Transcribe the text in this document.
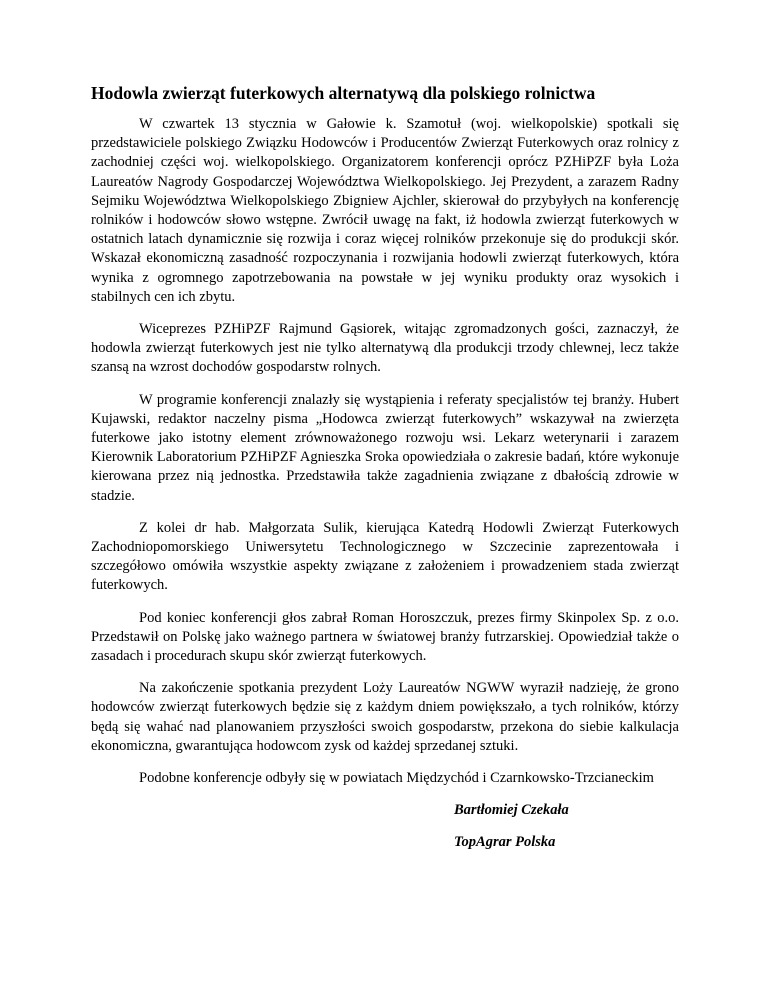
Hodowla zwierząt futerkowych alternatywą dla polskiego rolnictwa

W czwartek 13 stycznia w Gałowie k. Szamotuł (woj. wielkopolskie) spotkali się przedstawiciele polskiego Związku Hodowców i Producentów Zwierząt Futerkowych oraz rolnicy z zachodniej części woj. wielkopolskiego. Organizatorem konferencji oprócz PZHiPZF była Loża Laureatów Nagrody Gospodarczej Województwa Wielkopolskiego. Jej Prezydent, a zarazem Radny Sejmiku Województwa Wielkopolskiego Zbigniew Ajchler, skierował do przybyłych na konferencję rolników i hodowców słowo wstępne. Zwrócił uwagę na fakt, iż hodowla zwierząt futerkowych w ostatnich latach dynamicznie się rozwija i coraz więcej rolników przekonuje się do produkcji skór. Wskazał ekonomiczną zasadność rozpoczynania i rozwijania hodowli zwierząt futerkowych, która wynika z ogromnego zapotrzebowania na powstałe w jej wyniku produkty oraz wysokich i stabilnych cen ich zbytu.

Wiceprezes PZHiPZF Rajmund Gąsiorek, witając zgromadzonych gości, zaznaczył, że hodowla zwierząt futerkowych jest nie tylko alternatywą dla produkcji trzody chlewnej, lecz także szansą na wzrost dochodów gospodarstw rolnych.

W programie konferencji znalazły się wystąpienia i referaty specjalistów tej branży. Hubert Kujawski, redaktor naczelny pisma „Hodowca zwierząt futerkowych” wskazywał na zwierzęta futerkowe jako istotny element zrównoważonego rozwoju wsi. Lekarz weterynarii i zarazem Kierownik Laboratorium PZHiPZF Agnieszka Sroka opowiedziała o zakresie badań, które wykonuje kierowana przez nią jednostka. Przedstawiła także zagadnienia związane z dbałością zdrowie w stadzie.

Z kolei dr hab. Małgorzata Sulik, kierująca Katedrą Hodowli Zwierząt Futerkowych Zachodniopomorskiego Uniwersytetu Technologicznego w Szczecinie zaprezentowała i szczegółowo omówiła wszystkie aspekty związane z założeniem i prowadzeniem stada zwierząt futerkowych.

Pod koniec konferencji głos zabrał Roman Horoszczuk, prezes firmy Skinpolex Sp. z o.o. Przedstawił on Polskę jako ważnego partnera w światowej branży futrzarskiej. Opowiedział także o zasadach i procedurach skupu skór zwierząt futerkowych.

Na zakończenie spotkania prezydent Loży Laureatów NGWW wyraził nadzieję, że grono hodowców zwierząt futerkowych będzie się z każdym dniem powiększało, a tych rolników, którzy będą się wahać nad planowaniem przyszłości swoich gospodarstw, przekona do siebie kalkulacja ekonomiczna, gwarantująca hodowcom zysk od każdej sprzedanej sztuki.

Podobne konferencje odbyły się w powiatach Międzychód i Czarnkowsko-Trzcianeckim

Bartłomiej Czekała
TopAgrar Polska
